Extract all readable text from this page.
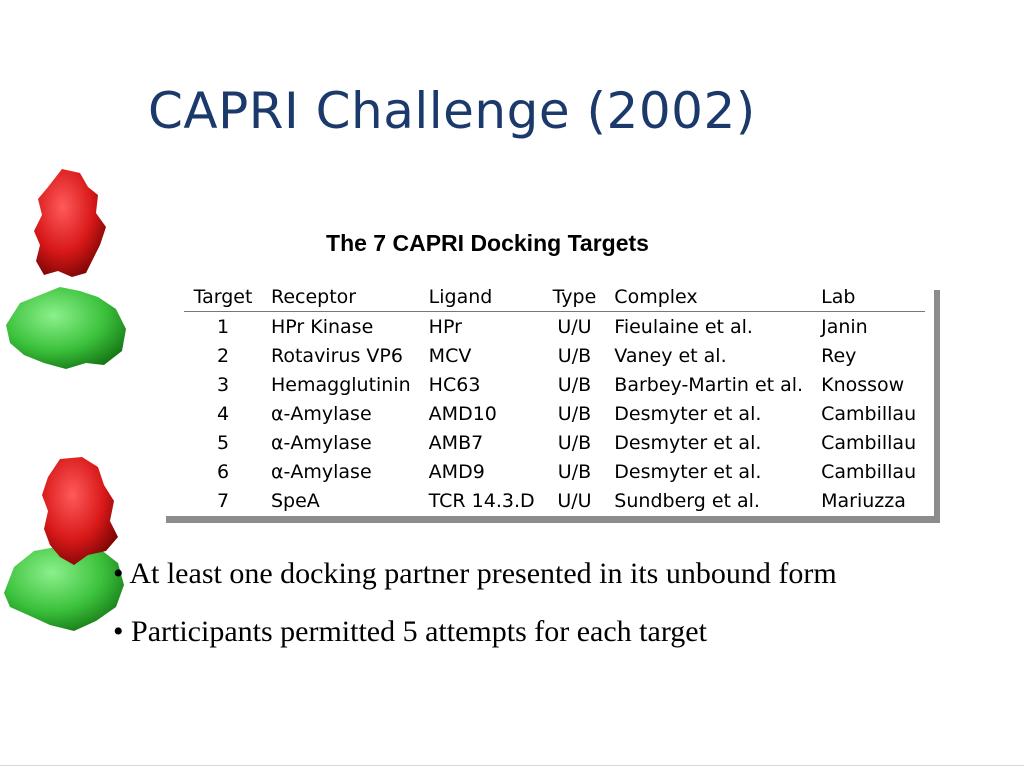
CAPRI Challenge (2002)
The 7 CAPRI Docking Targets
Target	Receptor	Ligand	Type	Complex	Lab
1	HPr Kinase	HPr	U/U	Fieulaine et al.	Janin
2	Rotavirus VP6	MCV	U/B	Vaney et al.	Rey
3	Hemagglutinin	HC63	U/B	Barbey-Martin et al.	Knossow
4	α-Amylase	AMD10	U/B	Desmyter et al.	Cambillau
5	α-Amylase	AMB7	U/B	Desmyter et al.	Cambillau
6	α-Amylase	AMD9	U/B	Desmyter et al.	Cambillau
7	SpeA	TCR 14.3.D	U/U	Sundberg et al.	Mariuzza
• At least one docking partner presented in its unbound form
• Participants permitted 5 attempts for each target
